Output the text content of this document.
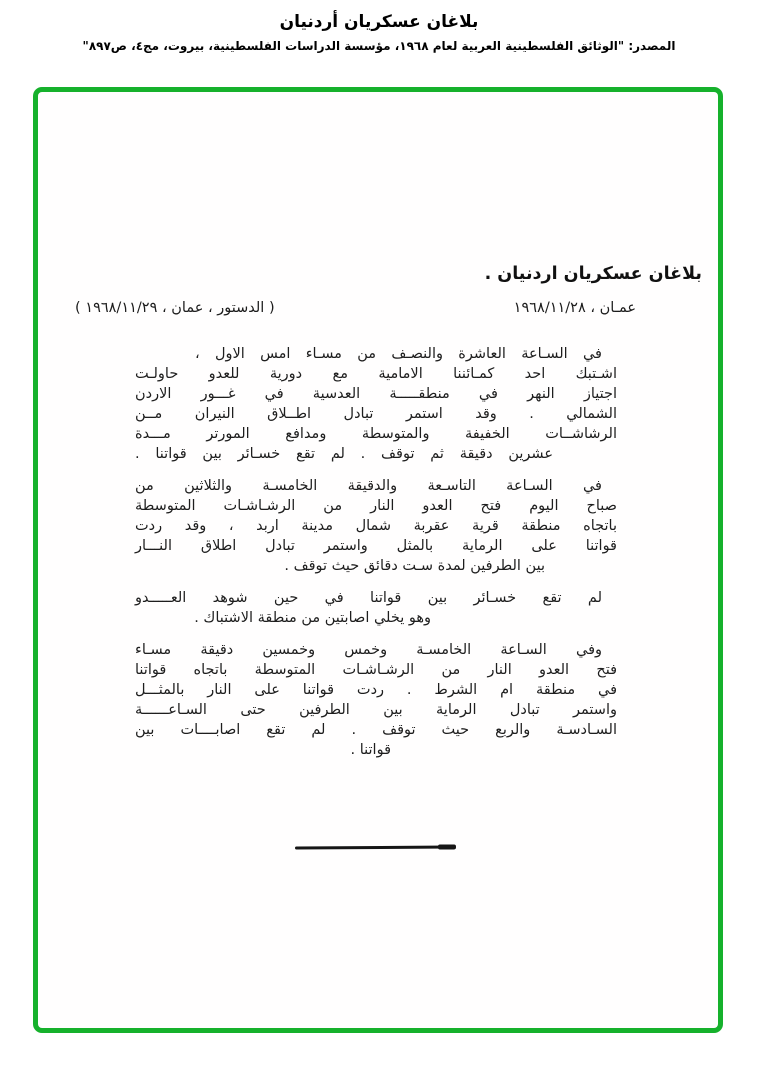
بلاغان عسكريان أردنيان
المصدر: "الوثائق الفلسطينية العربية لعام ١٩٦٨، مؤسسة الدراسات الفلسطينية، بيروت، مج٤، ص٨٩٧"
بلاغان عسكريان اردنيان .
عمـان ، ١٩٦٨/١١/٢٨
( الدستور ، عمان ، ١٩٦٨/١١/٢٩ )
في السـاعة العاشرة والنصـف من مسـاء امس الاول ،
اشـتبك احد كمـائننا الامامية مع دورية للعدو حاولـت
اجتياز النهر في منطقـــــة العدسية في غـــور الاردن
الشمالي . وقد استمر تبادل اطــلاق النيران مــن
الرشاشــات الخفيفة والمتوسطة ومدافع المورتر مـــدة
عشرين دقيقة ثم توقف . لم تقع خسـائر بين قواتنا .
في السـاعة التاسـعة والدقيقة الخامسـة والثلاثين من
صباح اليوم فتح العدو النار من الرشـاشـات المتوسطة
باتجاه منطقة قرية عقربة شمال مدينة اربد ، وقد ردت
قواتنا على الرماية بالمثل واستمر تبادل اطلاق النـــار
بين الطرفين لمدة سـت دقائق حيث توقف .
لم تقع خسـائر بين قواتنا في حين شوهد العـــــدو
وهو يخلي اصابتين من منطقة الاشتباك .
وفي السـاعة الخامسـة وخمس وخمسين دقيقة مسـاء
فتح العدو النار من الرشـاشـات المتوسطة باتجاه قواتنا
في منطقة ام الشرط . ردت قواتنا على النار بالمثـــل
واستمر تبادل الرماية بين الطرفين حتى السـاعــــــة
السـادسـة والربع حيث توقف . لم تقع اصابــــات بين
قواتنا .
